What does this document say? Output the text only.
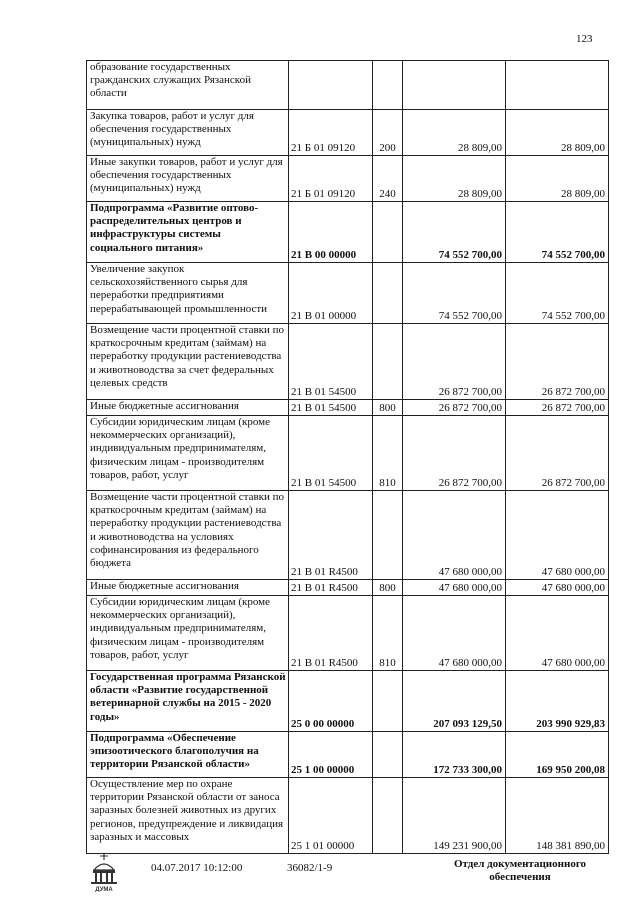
123
образование государственных гражданских служащих Рязанской области				
Закупка товаров, работ и услуг для обеспечения государственных (муниципальных) нужд	21 Б 01 09120	200	28 809,00	28 809,00
Иные закупки товаров, работ и услуг для обеспечения государственных (муниципальных) нужд	21 Б 01 09120	240	28 809,00	28 809,00
Подпрограмма «Развитие оптово-распределительных центров и инфраструктуры системы социального питания»	21 В 00 00000		74 552 700,00	74 552 700,00
Увеличение закупок сельскохозяйственного сырья для переработки предприятиями перерабатывающей промышленности	21 В 01 00000		74 552 700,00	74 552 700,00
Возмещение части процентной ставки по краткосрочным кредитам (займам) на переработку продукции растениеводства и животноводства за счет федеральных целевых средств	21 В 01 54500		26 872 700,00	26 872 700,00
Иные бюджетные ассигнования	21 В 01 54500	800	26 872 700,00	26 872 700,00
Субсидии юридическим лицам (кроме некоммерческих организаций), индивидуальным предпринимателям, физическим лицам - производителям товаров, работ, услуг	21 В 01 54500	810	26 872 700,00	26 872 700,00
Возмещение части процентной ставки по краткосрочным кредитам (займам) на переработку продукции растениеводства и животноводства на условиях софинансирования из федерального бюджета	21 В 01 R4500		47 680 000,00	47 680 000,00
Иные бюджетные ассигнования	21 В 01 R4500	800	47 680 000,00	47 680 000,00
Субсидии юридическим лицам (кроме некоммерческих организаций), индивидуальным предпринимателям, физическим лицам - производителям товаров, работ, услуг	21 В 01 R4500	810	47 680 000,00	47 680 000,00
Государственная программа Рязанской области «Развитие государственной ветеринарной службы на 2015 - 2020 годы»	25 0 00 00000		207 093 129,50	203 990 929,83
Подпрограмма «Обеспечение эпизоотического благополучия на территории Рязанской области»	25 1 00 00000		172 733 300,00	169 950 200,08
Осуществление мер по охране территории Рязанской области от заноса заразных болезней животных из других регионов, предупреждение и ликвидация заразных и массовых	25 1 01 00000		149 231 900,00	148 381 890,00
ДУМА
04.07.2017 10:12:00	36082/1-9	Отдел документационного обеспечения
